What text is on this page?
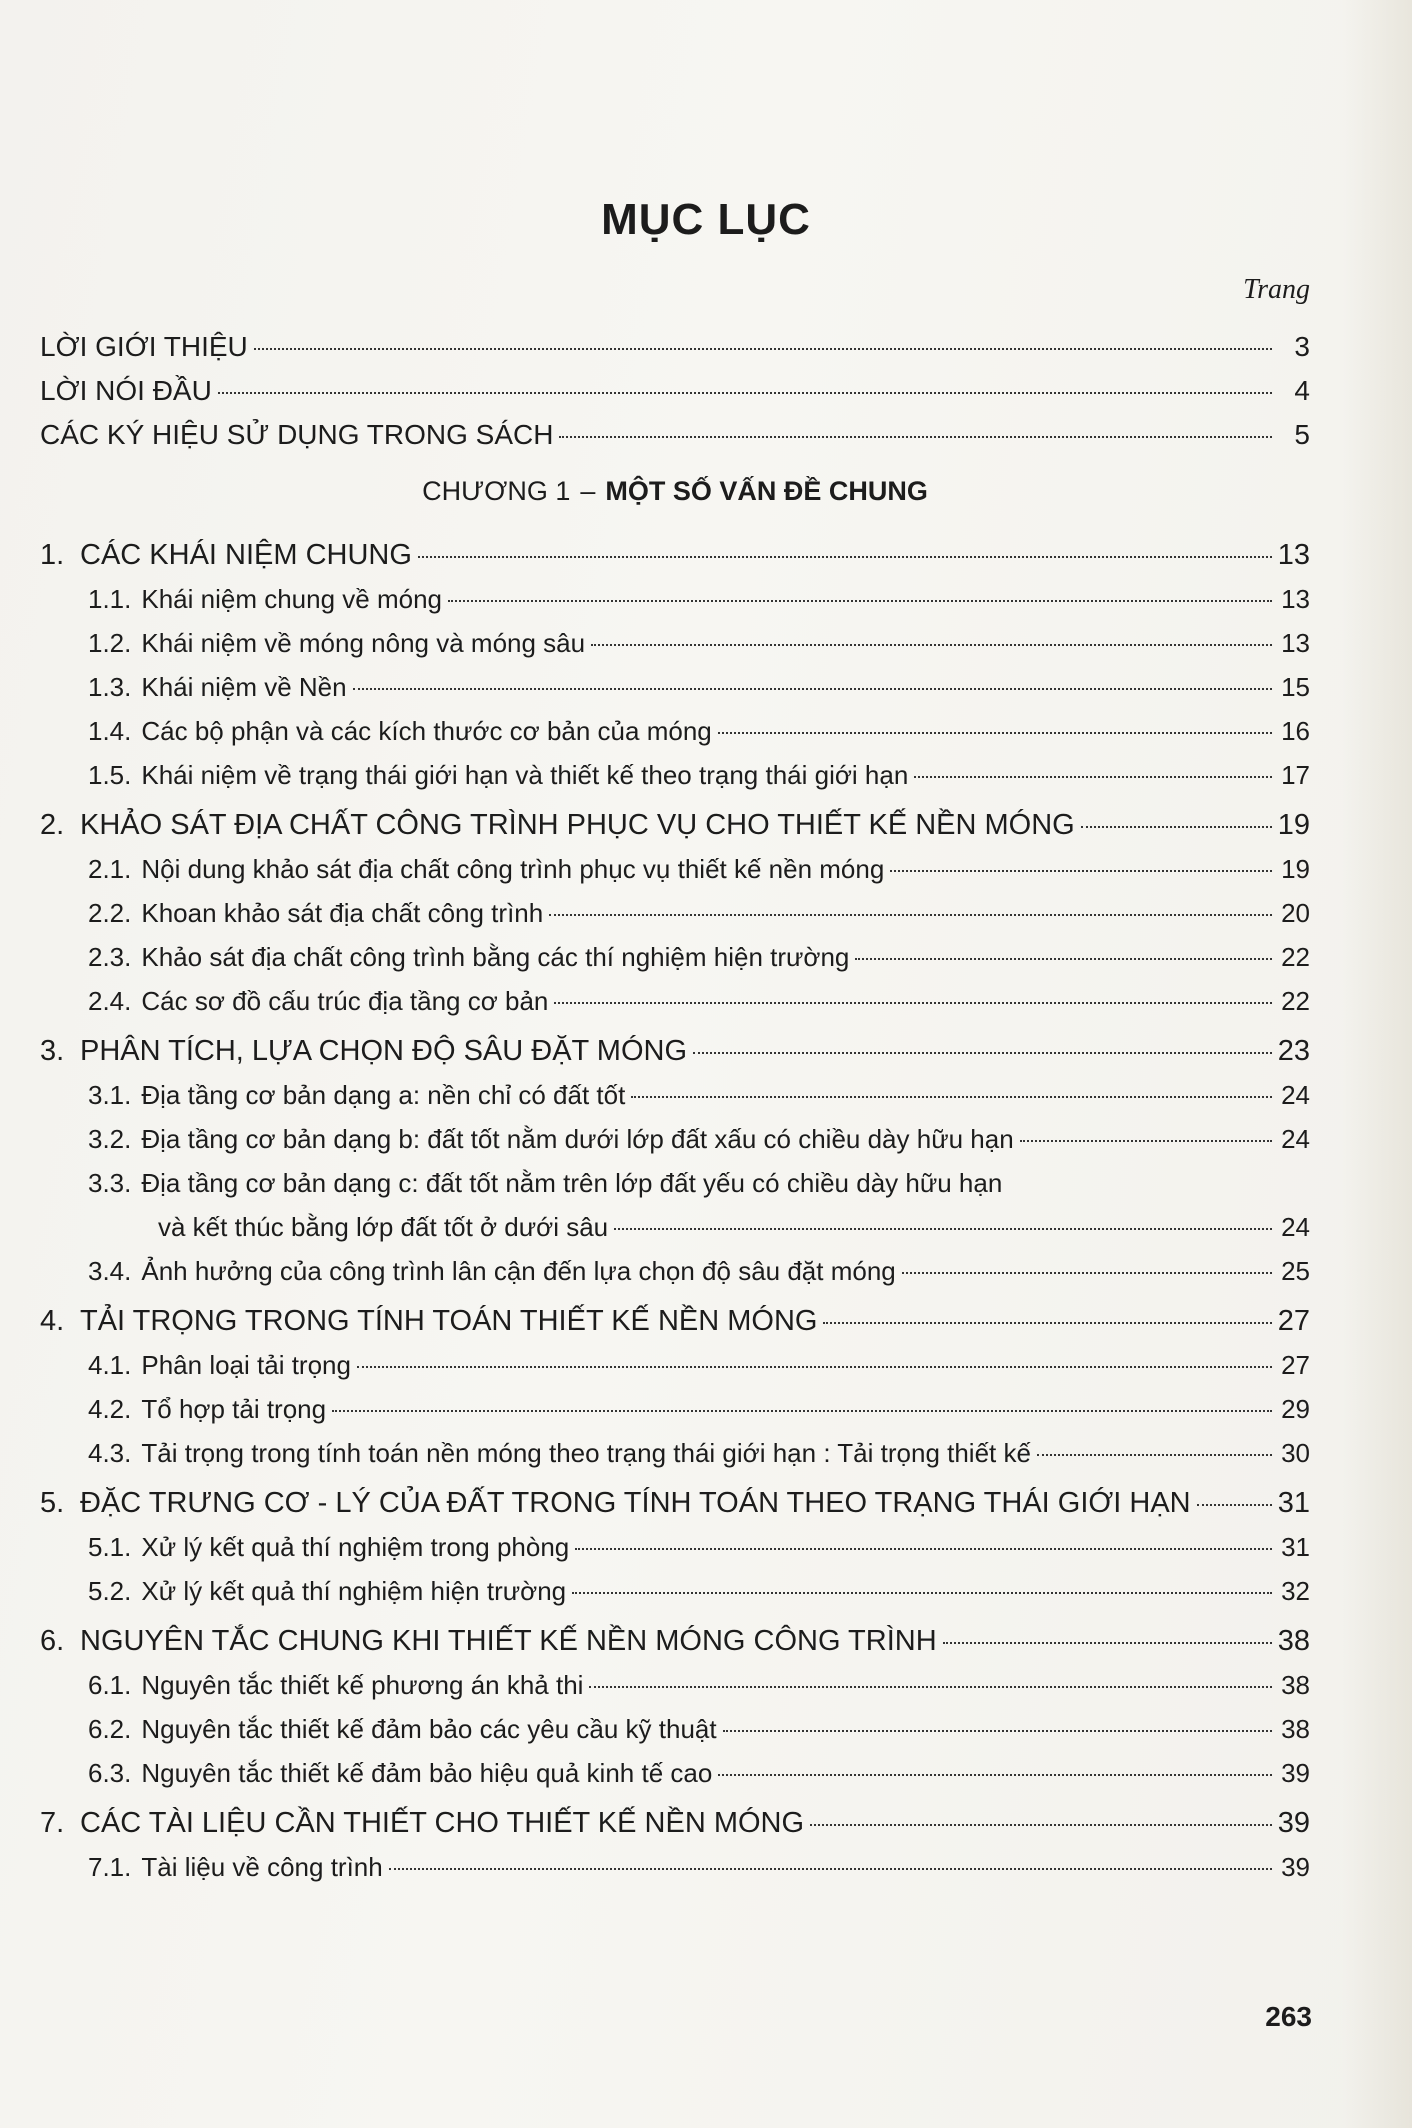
MỤC LỤC
Trang
LỜI GIỚI THIỆU	3
LỜI NÓI ĐẦU	4
CÁC KÝ HIỆU SỬ DỤNG TRONG SÁCH	5
CHƯƠNG 1 – MỘT SỐ VẤN ĐỀ CHUNG
1. CÁC KHÁI NIỆM CHUNG	13
1.1. Khái niệm chung về móng	13
1.2. Khái niệm về móng nông và móng sâu	13
1.3. Khái niệm về Nền	15
1.4. Các bộ phận và các kích thước cơ bản của móng	16
1.5. Khái niệm về trạng thái giới hạn và thiết kế theo trạng thái giới hạn	17
2. KHẢO SÁT ĐỊA CHẤT CÔNG TRÌNH PHỤC VỤ CHO THIẾT KẾ NỀN MÓNG	19
2.1. Nội dung khảo sát địa chất công trình phục vụ thiết kế nền móng	19
2.2. Khoan khảo sát địa chất công trình	20
2.3. Khảo sát địa chất công trình bằng các thí nghiệm hiện trường	22
2.4. Các sơ đồ cấu trúc địa tầng cơ bản	22
3. PHÂN TÍCH, LỰA CHỌN ĐỘ SÂU ĐẶT MÓNG	23
3.1. Địa tầng cơ bản dạng a: nền chỉ có đất tốt	24
3.2. Địa tầng cơ bản dạng b: đất tốt nằm dưới lớp đất xấu có chiều dày hữu hạn	24
3.3. Địa tầng cơ bản dạng c: đất tốt nằm trên lớp đất yếu có chiều dày hữu hạn
và kết thúc bằng lớp đất tốt ở dưới sâu	24
3.4. Ảnh hưởng của công trình lân cận đến lựa chọn độ sâu đặt móng	25
4. TẢI TRỌNG TRONG TÍNH TOÁN THIẾT KẾ NỀN MÓNG	27
4.1. Phân loại tải trọng	27
4.2. Tổ hợp tải trọng	29
4.3. Tải trọng trong tính toán nền móng theo trạng thái giới hạn : Tải trọng thiết kế	30
5. ĐẶC TRƯNG CƠ - LÝ CỦA ĐẤT TRONG TÍNH TOÁN THEO TRẠNG THÁI GIỚI HẠN	31
5.1. Xử lý kết quả thí nghiệm trong phòng	31
5.2. Xử lý kết quả thí nghiệm hiện trường	32
6. NGUYÊN TẮC CHUNG KHI THIẾT KẾ NỀN MÓNG CÔNG TRÌNH	38
6.1. Nguyên tắc thiết kế phương án khả thi	38
6.2. Nguyên tắc thiết kế đảm bảo các yêu cầu kỹ thuật	38
6.3. Nguyên tắc thiết kế đảm bảo hiệu quả kinh tế cao	39
7. CÁC TÀI LIỆU CẦN THIẾT CHO THIẾT KẾ NỀN MÓNG	39
7.1. Tài liệu về công trình	39
263
